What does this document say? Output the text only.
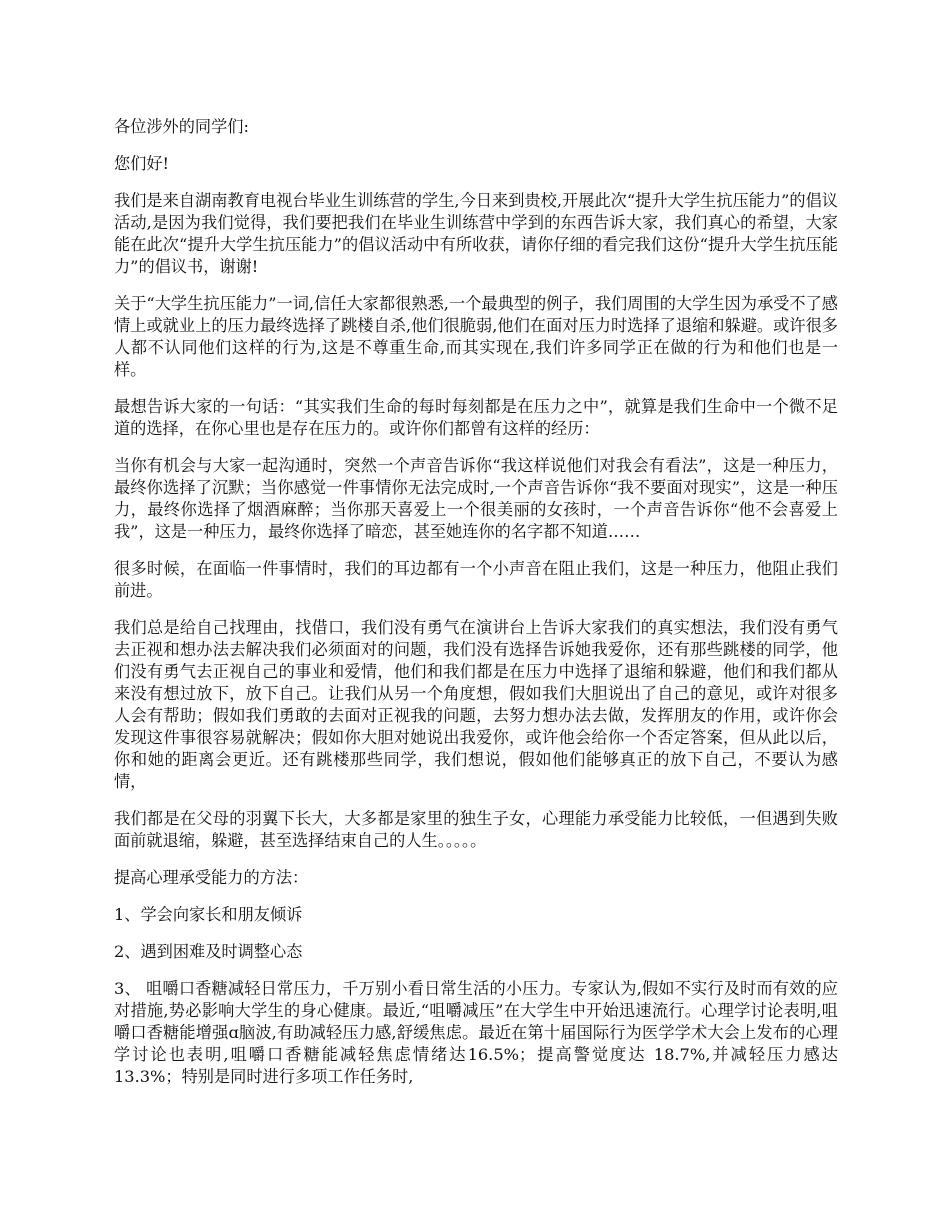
各位涉外的同学们:

您们好!

我们是来自湖南教育电视台毕业生训练营的学生,今日来到贵校,开展此次“提升大学生抗压能力”的倡议活动,是因为我们觉得，我们要把我们在毕业生训练营中学到的东西告诉大家，我们真心的希望，大家能在此次“提升大学生抗压能力”的倡议活动中有所收获，请你仔细的看完我们这份“提升大学生抗压能力”的倡议书，谢谢!

关于“大学生抗压能力”一词,信任大家都很熟悉,一个最典型的例子，我们周围的大学生因为承受不了感情上或就业上的压力最终选择了跳楼自杀,他们很脆弱,他们在面对压力时选择了退缩和躲避。或许很多人都不认同他们这样的行为,这是不尊重生命,而其实现在,我们许多同学正在做的行为和他们也是一样。

最想告诉大家的一句话：“其实我们生命的每时每刻都是在压力之中”，就算是我们生命中一个微不足道的选择，在你心里也是存在压力的。或许你们都曾有这样的经历：

当你有机会与大家一起沟通时，突然一个声音告诉你“我这样说他们对我会有看法”，这是一种压力，最终你选择了沉默；当你感觉一件事情你无法完成时,一个声音告诉你“我不要面对现实”，这是一种压力，最终你选择了烟酒麻醉；当你那天喜爱上一个很美丽的女孩时，一个声音告诉你“他不会喜爱上我”，这是一种压力，最终你选择了暗恋，甚至她连你的名字都不知道……

很多时候，在面临一件事情时，我们的耳边都有一个小声音在阻止我们，这是一种压力，他阻止我们前进。

我们总是给自己找理由，找借口，我们没有勇气在演讲台上告诉大家我们的真实想法，我们没有勇气去正视和想办法去解决我们必须面对的问题，我们没有选择告诉她我爱你，还有那些跳楼的同学，他们没有勇气去正视自己的事业和爱情，他们和我们都是在压力中选择了退缩和躲避，他们和我们都从来没有想过放下，放下自己。让我们从另一个角度想，假如我们大胆说出了自己的意见，或许对很多人会有帮助；假如我们勇敢的去面对正视我的问题，去努力想办法去做，发挥朋友的作用，或许你会发现这件事很容易就解决；假如你大胆对她说出我爱你，或许他会给你一个否定答案，但从此以后，你和她的距离会更近。还有跳楼那些同学，我们想说，假如他们能够真正的放下自己，不要认为感情，

我们都是在父母的羽翼下长大，大多都是家里的独生子女，心理能力承受能力比较低，一但遇到失败面前就退缩，躲避，甚至选择结束自己的人生。。。。。

提高心理承受能力的方法：

1、学会向家长和朋友倾诉

2、遇到困难及时调整心态

3、 咀嚼口香糖减轻日常压力，千万别小看日常生活的小压力。专家认为,假如不实行及时而有效的应对措施,势必影响大学生的身心健康。最近,“咀嚼减压”在大学生中开始迅速流行。心理学讨论表明,咀嚼口香糖能增强ɑ脑波,有助减轻压力感,舒缓焦虑。最近在第十届国际行为医学学术大会上发布的心理学讨论也表明,咀嚼口香糖能减轻焦虑情绪达16.5%；提高警觉度达 18.7%,并减轻压力感达 13.3%；特别是同时进行多项工作任务时,
